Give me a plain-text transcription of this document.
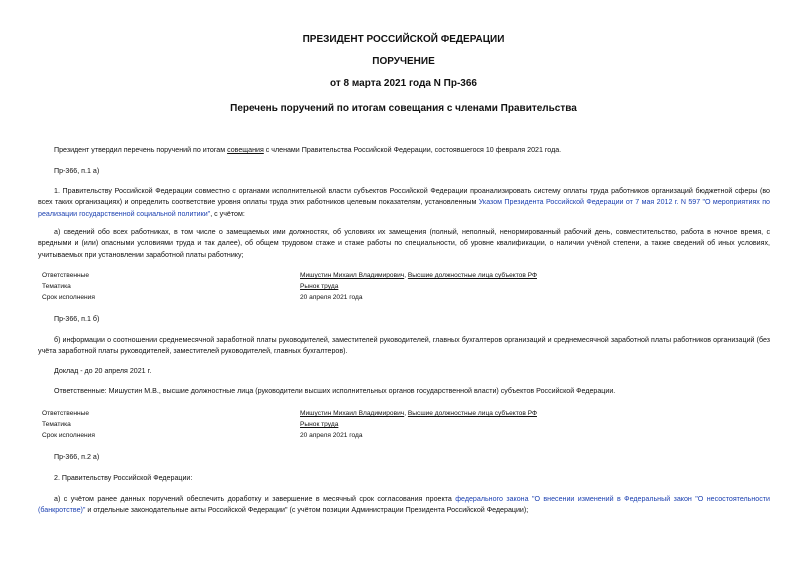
ПРЕЗИДЕНТ РОССИЙСКОЙ ФЕДЕРАЦИИ
ПОРУЧЕНИЕ
от 8 марта 2021 года N Пр-366
Перечень поручений по итогам совещания с членами Правительства
Президент утвердил перечень поручений по итогам совещания с членами Правительства Российской Федерации, состоявшегося 10 февраля 2021 года.
Пр-366, п.1 а)
1. Правительству Российской Федерации совместно с органами исполнительной власти субъектов Российской Федерации проанализировать систему оплаты труда работников организаций бюджетной сферы (во всех таких организациях) и определить соответствие уровня оплаты труда этих работников целевым показателям, установленным Указом Президента Российской Федерации от 7 мая 2012 г. N 597 "О мероприятиях по реализации государственной социальной политики", с учётом:
а) сведений обо всех работниках, в том числе о замещаемых ими должностях, об условиях их замещения (полный, неполный, ненормированный рабочий день, совместительство, работа в ночное время, с вредными и (или) опасными условиями труда и так далее), об общем трудовом стаже и стаже работы по специальности, об уровне квалификации, о наличии учёной степени, а также сведений об иных условиях, учитываемых при установлении заработной платы работнику;
Ответственные	Мишустин Михаил Владимирович, Высшие должностные лица субъектов РФ
Тематика	Рынок труда
Срок исполнения	20 апреля 2021 года
Пр-366, п.1 б)
б) информации о соотношении среднемесячной заработной платы руководителей, заместителей руководителей, главных бухгалтеров организаций и среднемесячной заработной платы работников организаций (без учёта заработной платы руководителей, заместителей руководителей, главных бухгалтеров).
Доклад - до 20 апреля 2021 г.
Ответственные: Мишустин М.В., высшие должностные лица (руководители высших исполнительных органов государственной власти) субъектов Российской Федерации.
Ответственные	Мишустин Михаил Владимирович, Высшие должностные лица субъектов РФ
Тематика	Рынок труда
Срок исполнения	20 апреля 2021 года
Пр-366, п.2 а)
2. Правительству Российской Федерации:
а) с учётом ранее данных поручений обеспечить доработку и завершение в месячный срок согласования проекта федерального закона "О внесении изменений в Федеральный закон "О несостоятельности (банкротстве)" и отдельные законодательные акты Российской Федерации" (с учётом позиции Администрации Президента Российской Федерации);
